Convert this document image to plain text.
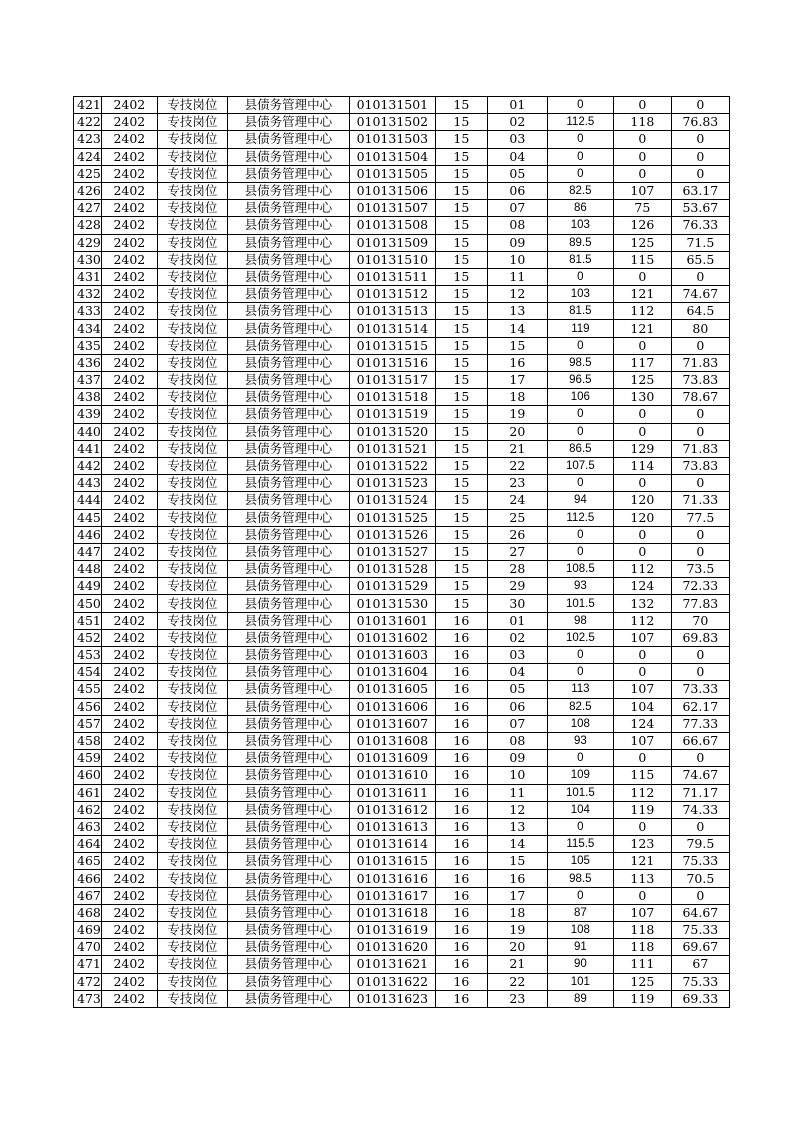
421	2402	专技岗位	县债务管理中心	010131501	15	01	0	0	0
422	2402	专技岗位	县债务管理中心	010131502	15	02	112.5	118	76.83
423	2402	专技岗位	县债务管理中心	010131503	15	03	0	0	0
424	2402	专技岗位	县债务管理中心	010131504	15	04	0	0	0
425	2402	专技岗位	县债务管理中心	010131505	15	05	0	0	0
426	2402	专技岗位	县债务管理中心	010131506	15	06	82.5	107	63.17
427	2402	专技岗位	县债务管理中心	010131507	15	07	86	75	53.67
428	2402	专技岗位	县债务管理中心	010131508	15	08	103	126	76.33
429	2402	专技岗位	县债务管理中心	010131509	15	09	89.5	125	71.5
430	2402	专技岗位	县债务管理中心	010131510	15	10	81.5	115	65.5
431	2402	专技岗位	县债务管理中心	010131511	15	11	0	0	0
432	2402	专技岗位	县债务管理中心	010131512	15	12	103	121	74.67
433	2402	专技岗位	县债务管理中心	010131513	15	13	81.5	112	64.5
434	2402	专技岗位	县债务管理中心	010131514	15	14	119	121	80
435	2402	专技岗位	县债务管理中心	010131515	15	15	0	0	0
436	2402	专技岗位	县债务管理中心	010131516	15	16	98.5	117	71.83
437	2402	专技岗位	县债务管理中心	010131517	15	17	96.5	125	73.83
438	2402	专技岗位	县债务管理中心	010131518	15	18	106	130	78.67
439	2402	专技岗位	县债务管理中心	010131519	15	19	0	0	0
440	2402	专技岗位	县债务管理中心	010131520	15	20	0	0	0
441	2402	专技岗位	县债务管理中心	010131521	15	21	86.5	129	71.83
442	2402	专技岗位	县债务管理中心	010131522	15	22	107.5	114	73.83
443	2402	专技岗位	县债务管理中心	010131523	15	23	0	0	0
444	2402	专技岗位	县债务管理中心	010131524	15	24	94	120	71.33
445	2402	专技岗位	县债务管理中心	010131525	15	25	112.5	120	77.5
446	2402	专技岗位	县债务管理中心	010131526	15	26	0	0	0
447	2402	专技岗位	县债务管理中心	010131527	15	27	0	0	0
448	2402	专技岗位	县债务管理中心	010131528	15	28	108.5	112	73.5
449	2402	专技岗位	县债务管理中心	010131529	15	29	93	124	72.33
450	2402	专技岗位	县债务管理中心	010131530	15	30	101.5	132	77.83
451	2402	专技岗位	县债务管理中心	010131601	16	01	98	112	70
452	2402	专技岗位	县债务管理中心	010131602	16	02	102.5	107	69.83
453	2402	专技岗位	县债务管理中心	010131603	16	03	0	0	0
454	2402	专技岗位	县债务管理中心	010131604	16	04	0	0	0
455	2402	专技岗位	县债务管理中心	010131605	16	05	113	107	73.33
456	2402	专技岗位	县债务管理中心	010131606	16	06	82.5	104	62.17
457	2402	专技岗位	县债务管理中心	010131607	16	07	108	124	77.33
458	2402	专技岗位	县债务管理中心	010131608	16	08	93	107	66.67
459	2402	专技岗位	县债务管理中心	010131609	16	09	0	0	0
460	2402	专技岗位	县债务管理中心	010131610	16	10	109	115	74.67
461	2402	专技岗位	县债务管理中心	010131611	16	11	101.5	112	71.17
462	2402	专技岗位	县债务管理中心	010131612	16	12	104	119	74.33
463	2402	专技岗位	县债务管理中心	010131613	16	13	0	0	0
464	2402	专技岗位	县债务管理中心	010131614	16	14	115.5	123	79.5
465	2402	专技岗位	县债务管理中心	010131615	16	15	105	121	75.33
466	2402	专技岗位	县债务管理中心	010131616	16	16	98.5	113	70.5
467	2402	专技岗位	县债务管理中心	010131617	16	17	0	0	0
468	2402	专技岗位	县债务管理中心	010131618	16	18	87	107	64.67
469	2402	专技岗位	县债务管理中心	010131619	16	19	108	118	75.33
470	2402	专技岗位	县债务管理中心	010131620	16	20	91	118	69.67
471	2402	专技岗位	县债务管理中心	010131621	16	21	90	111	67
472	2402	专技岗位	县债务管理中心	010131622	16	22	101	125	75.33
473	2402	专技岗位	县债务管理中心	010131623	16	23	89	119	69.33
